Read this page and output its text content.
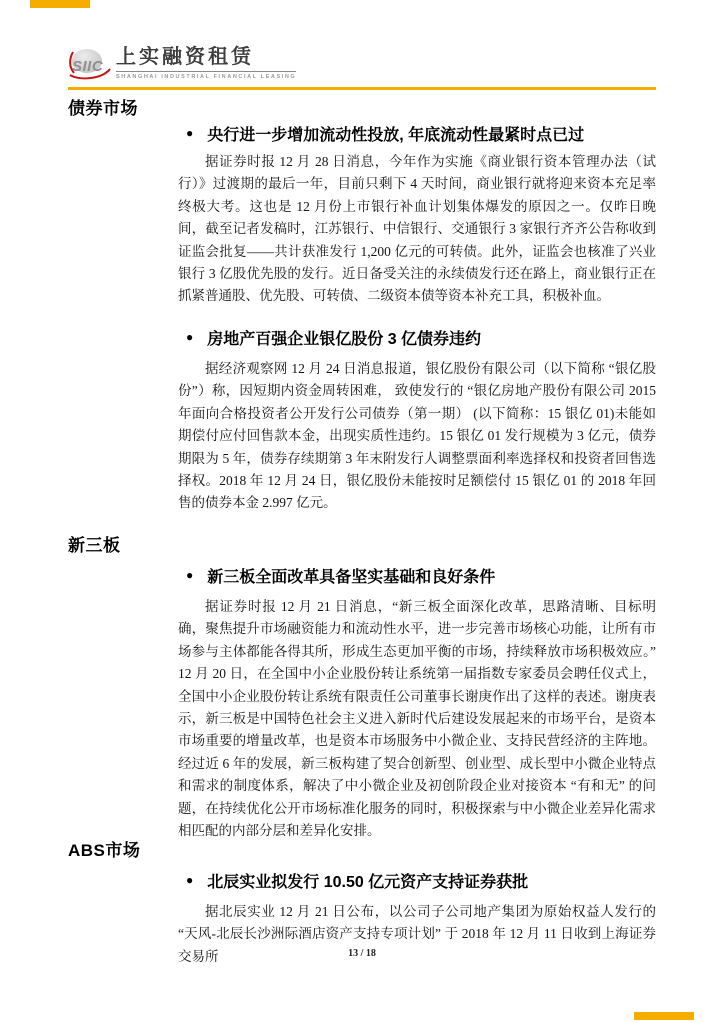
SIIC 上实融资租赁
SHANGHAI INDUSTRIAL FINANCIAL LEASING
债券市场
● 央行进一步增加流动性投放, 年底流动性最紧时点已过

据证券时报 12 月 28 日消息，今年作为实施《商业银行资本管理办法（试行）》过渡期的最后一年，目前只剩下 4 天时间，商业银行就将迎来资本充足率终极大考。这也是 12 月份上市银行补血计划集体爆发的原因之一。仅昨日晚间，截至记者发稿时，江苏银行、中信银行、交通银行 3 家银行齐齐公告称收到证监会批复——共计获准发行 1,200 亿元的可转债。此外，证监会也核准了兴业银行 3 亿股优先股的发行。近日备受关注的永续债发行还在路上，商业银行正在抓紧普通股、优先股、可转债、二级资本债等资本补充工具，积极补血。

● 房地产百强企业银亿股份 3 亿债券违约

据经济观察网 12 月 24 日消息报道，银亿股份有限公司（以下简称 “银亿股份”）称，因短期内资金周转困难， 致使发行的 “银亿房地产股份有限公司 2015 年面向合格投资者公开发行公司债券（第一期） (以下简称：15 银亿 01)未能如期偿付应付回售款本金，出现实质性违约。15 银亿 01 发行规模为 3 亿元，债券期限为 5 年，债券存续期第 3 年末附发行人调整票面利率选择权和投资者回售选择权。2018 年 12 月 24 日，银亿股份未能按时足额偿付 15 银亿 01 的 2018 年回售的债券本金 2.997 亿元。

新三板
● 新三板全面改革具备坚实基础和良好条件

据证券时报 12 月 21 日消息，“新三板全面深化改革，思路清晰、目标明确，聚焦提升市场融资能力和流动性水平，进一步完善市场核心功能，让所有市场参与主体都能各得其所，形成生态更加平衡的市场，持续释放市场积极效应。” 12 月 20 日，在全国中小企业股份转让系统第一届指数专家委员会聘任仪式上，全国中小企业股份转让系统有限责任公司董事长谢庚作出了这样的表述。谢庚表示，新三板是中国特色社会主义进入新时代后建设发展起来的市场平台，是资本市场重要的增量改革，也是资本市场服务中小微企业、支持民营经济的主阵地。经过近 6 年的发展，新三板构建了契合创新型、创业型、成长型中小微企业特点和需求的制度体系，解决了中小微企业及初创阶段企业对接资本 “有和无” 的问题，在持续优化公开市场标准化服务的同时，积极探索与中小微企业差异化需求相匹配的内部分层和差异化安排。

ABS市场
● 北辰实业拟发行 10.50 亿元资产支持证券获批

据北辰实业 12 月 21 日公布，以公司子公司地产集团为原始权益人发行的 “天风-北辰长沙洲际酒店资产支持专项计划” 于 2018 年 12 月 11 日收到上海证券交易所	13 / 18
